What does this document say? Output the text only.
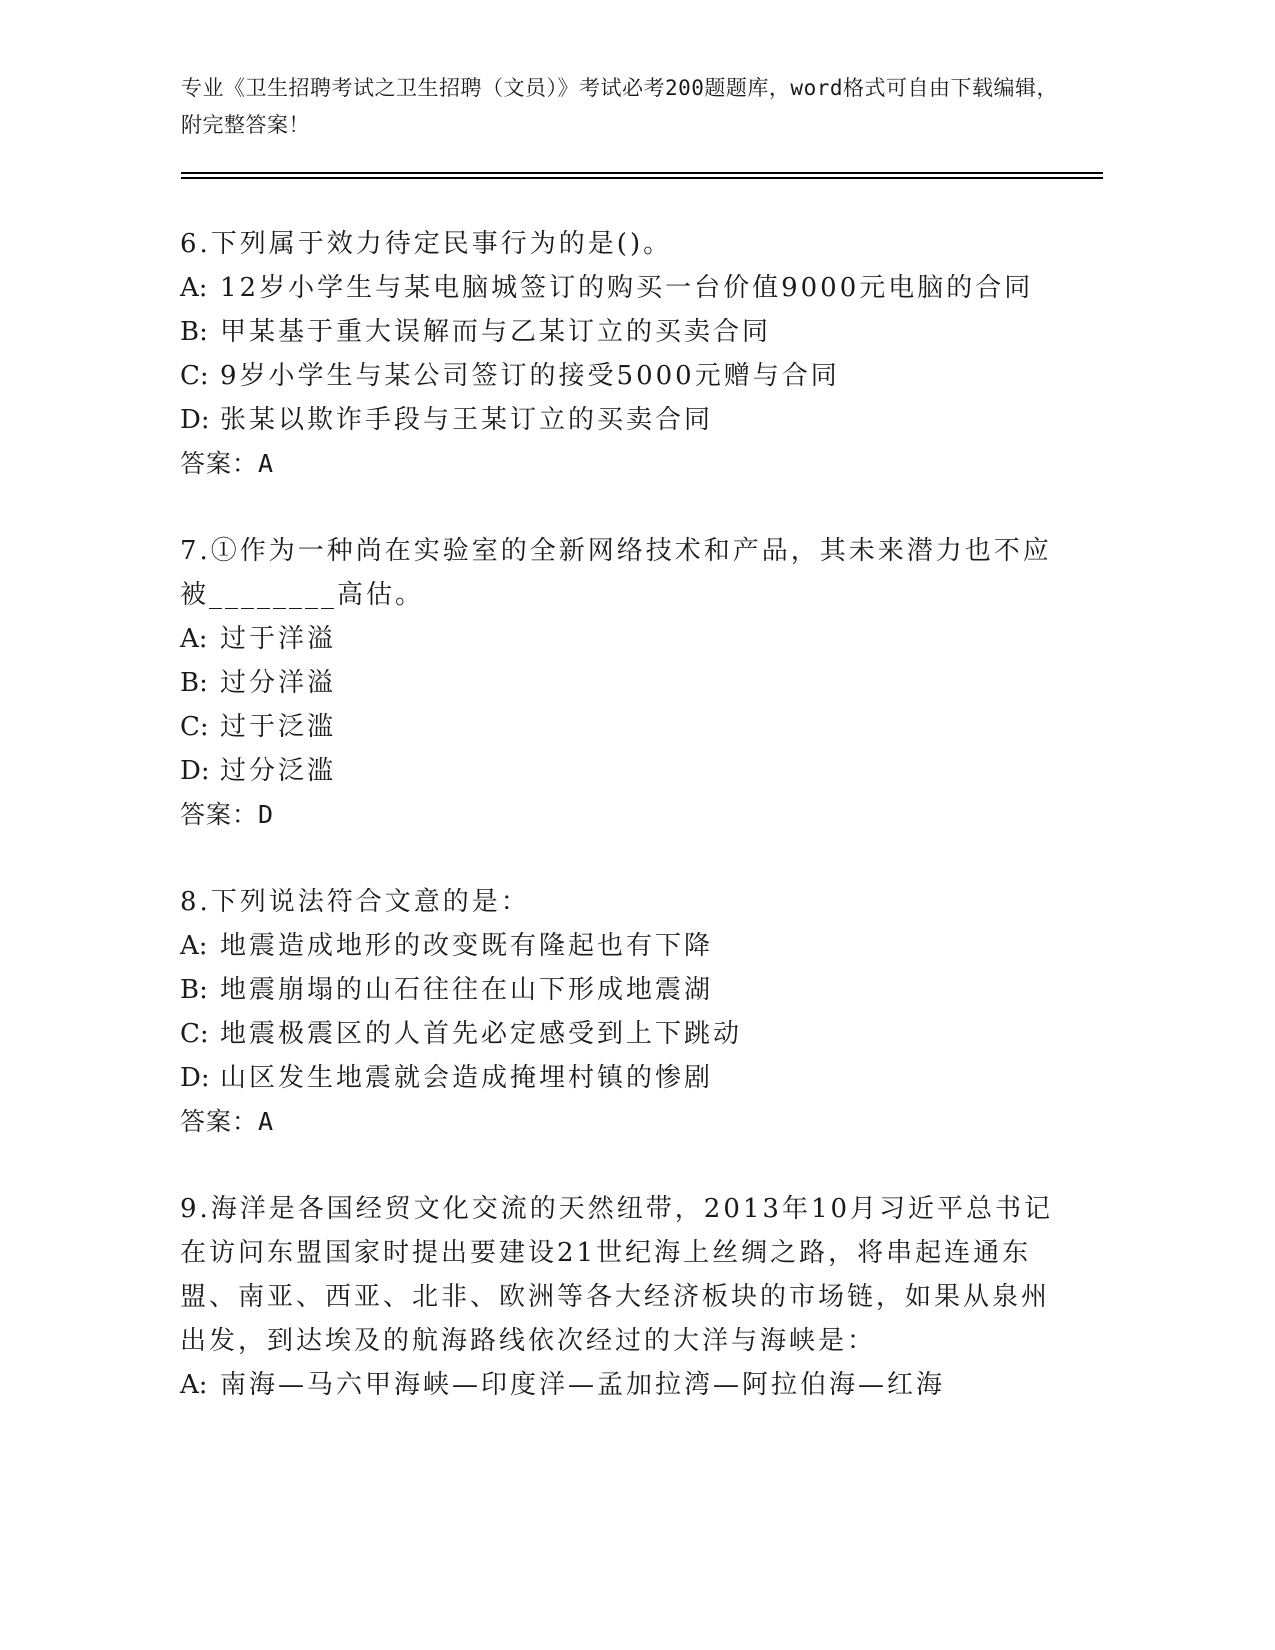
专业《卫生招聘考试之卫生招聘（文员）》考试必考200题题库，word格式可自由下载编辑，附完整答案！

6.下列属于效力待定民事行为的是()。

A: 12岁小学生与某电脑城签订的购买一台价值9000元电脑的合同

B: 甲某基于重大误解而与乙某订立的买卖合同

C: 9岁小学生与某公司签订的接受5000元赠与合同

D: 张某以欺诈手段与王某订立的买卖合同

答案：A

7.①作为一种尚在实验室的全新网络技术和产品，其未来潜力也不应被________高估。

A: 过于洋溢

B: 过分洋溢

C: 过于泛滥

D: 过分泛滥

答案：D

8.下列说法符合文意的是：

A: 地震造成地形的改变既有隆起也有下降

B: 地震崩塌的山石往往在山下形成地震湖

C: 地震极震区的人首先必定感受到上下跳动

D: 山区发生地震就会造成掩埋村镇的惨剧

答案：A

9.海洋是各国经贸文化交流的天然纽带，2013年10月习近平总书记在访问东盟国家时提出要建设21世纪海上丝绸之路，将串起连通东盟、南亚、西亚、北非、欧洲等各大经济板块的市场链，如果从泉州出发，到达埃及的航海路线依次经过的大洋与海峡是：

A: 南海—马六甲海峡—印度洋—孟加拉湾—阿拉伯海—红海
